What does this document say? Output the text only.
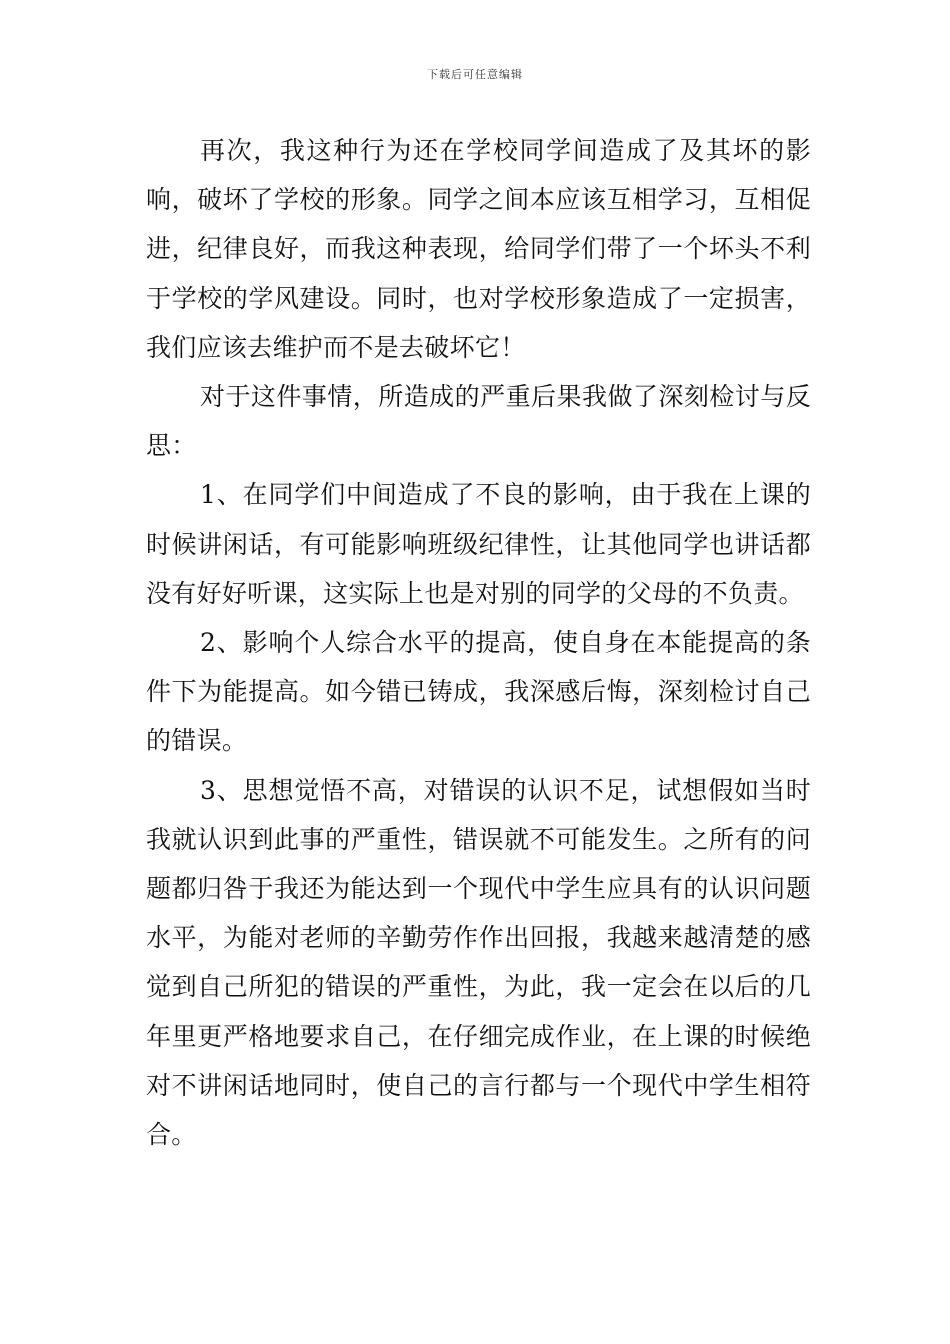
下载后可任意编辑

再次，我这种行为还在学校同学间造成了及其坏的影响，破坏了学校的形象。同学之间本应该互相学习，互相促进，纪律良好，而我这种表现，给同学们带了一个坏头不利于学校的学风建设。同时，也对学校形象造成了一定损害，我们应该去维护而不是去破坏它！

对于这件事情，所造成的严重后果我做了深刻检讨与反思：

1、在同学们中间造成了不良的影响，由于我在上课的时候讲闲话，有可能影响班级纪律性，让其他同学也讲话都没有好好听课，这实际上也是对别的同学的父母的不负责。

2、影响个人综合水平的提高，使自身在本能提高的条件下为能提高。如今错已铸成，我深感后悔，深刻检讨自己的错误。

3、思想觉悟不高，对错误的认识不足，试想假如当时我就认识到此事的严重性，错误就不可能发生。之所有的问题都归咎于我还为能达到一个现代中学生应具有的认识问题水平，为能对老师的辛勤劳作作出回报，我越来越清楚的感觉到自己所犯的错误的严重性，为此，我一定会在以后的几年里更严格地要求自己，在仔细完成作业，在上课的时候绝对不讲闲话地同时，使自己的言行都与一个现代中学生相符合。
